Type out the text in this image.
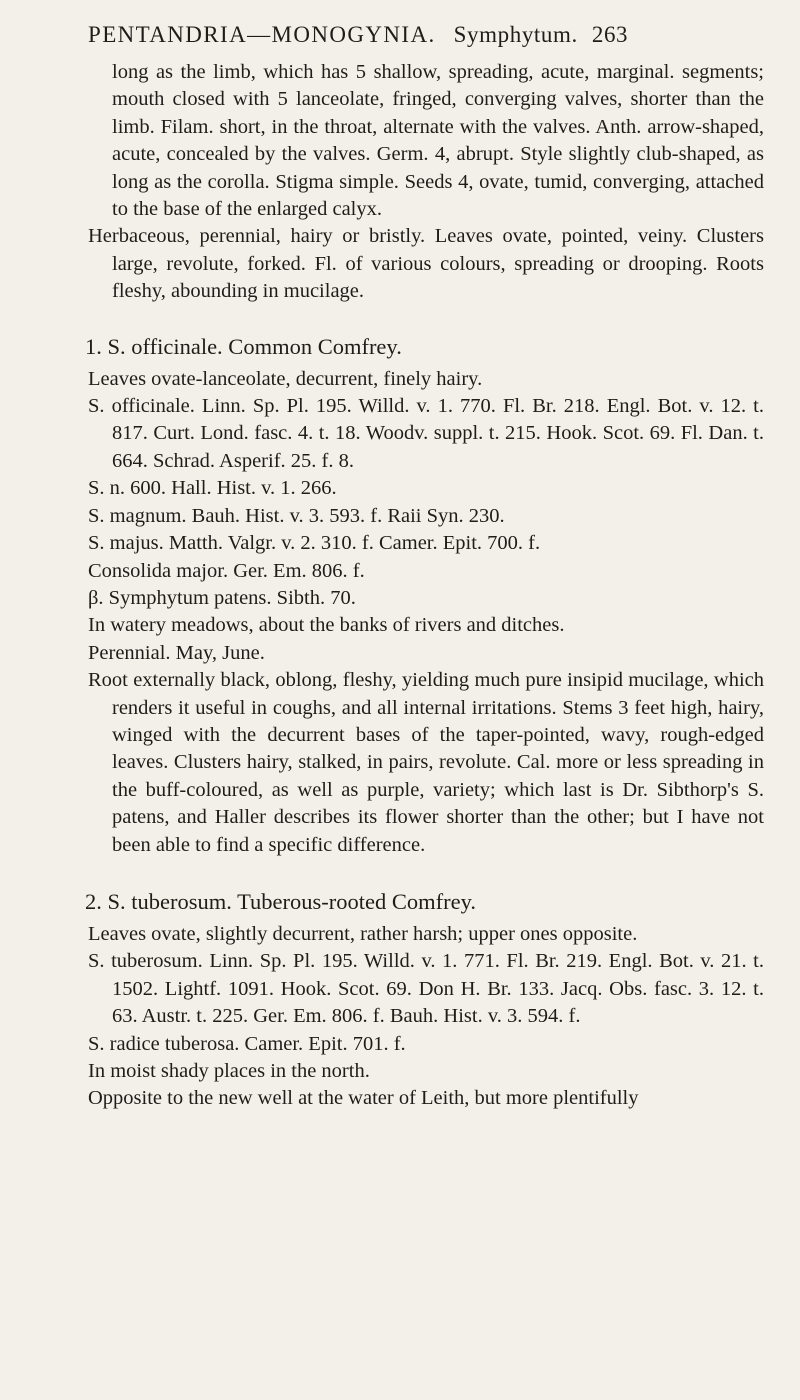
PENTANDRIA—MONOGYNIA. Symphytum. 263

long as the limb, which has 5 shallow, spreading, acute, marginal. segments; mouth closed with 5 lanceolate, fringed, converging valves, shorter than the limb. Filam. short, in the throat, alternate with the valves. Anth. arrow-shaped, acute, concealed by the valves. Germ. 4, abrupt. Style slightly club-shaped, as long as the corolla. Stigma simple. Seeds 4, ovate, tumid, converging, attached to the base of the enlarged calyx.

Herbaceous, perennial, hairy or bristly. Leaves ovate, pointed, veiny. Clusters large, revolute, forked. Fl. of various colours, spreading or drooping. Roots fleshy, abounding in mucilage.

1. S. officinale. Common Comfrey.

Leaves ovate-lanceolate, decurrent, finely hairy.

S. officinale. Linn. Sp. Pl. 195. Willd. v. 1. 770. Fl. Br. 218. Engl. Bot. v. 12. t. 817. Curt. Lond. fasc. 4. t. 18. Woodv. suppl. t. 215. Hook. Scot. 69. Fl. Dan. t. 664. Schrad. Asperif. 25. f. 8.

S. n. 600. Hall. Hist. v. 1. 266.

S. magnum. Bauh. Hist. v. 3. 593. f. Raii Syn. 230.

S. majus. Matth. Valgr. v. 2. 310. f. Camer. Epit. 700. f.

Consolida major. Ger. Em. 806. f.

β. Symphytum patens. Sibth. 70.

In watery meadows, about the banks of rivers and ditches.

Perennial. May, June.

Root externally black, oblong, fleshy, yielding much pure insipid mucilage, which renders it useful in coughs, and all internal irritations. Stems 3 feet high, hairy, winged with the decurrent bases of the taper-pointed, wavy, rough-edged leaves. Clusters hairy, stalked, in pairs, revolute. Cal. more or less spreading in the buff-coloured, as well as purple, variety; which last is Dr. Sibthorp's S. patens, and Haller describes its flower shorter than the other; but I have not been able to find a specific difference.

2. S. tuberosum. Tuberous-rooted Comfrey.

Leaves ovate, slightly decurrent, rather harsh; upper ones opposite.

S. tuberosum. Linn. Sp. Pl. 195. Willd. v. 1. 771. Fl. Br. 219. Engl. Bot. v. 21. t. 1502. Lightf. 1091. Hook. Scot. 69. Don H. Br. 133. Jacq. Obs. fasc. 3. 12. t. 63. Austr. t. 225. Ger. Em. 806. f. Bauh. Hist. v. 3. 594. f.

S. radice tuberosa. Camer. Epit. 701. f.

In moist shady places in the north.

Opposite to the new well at the water of Leith, but more plentifully
